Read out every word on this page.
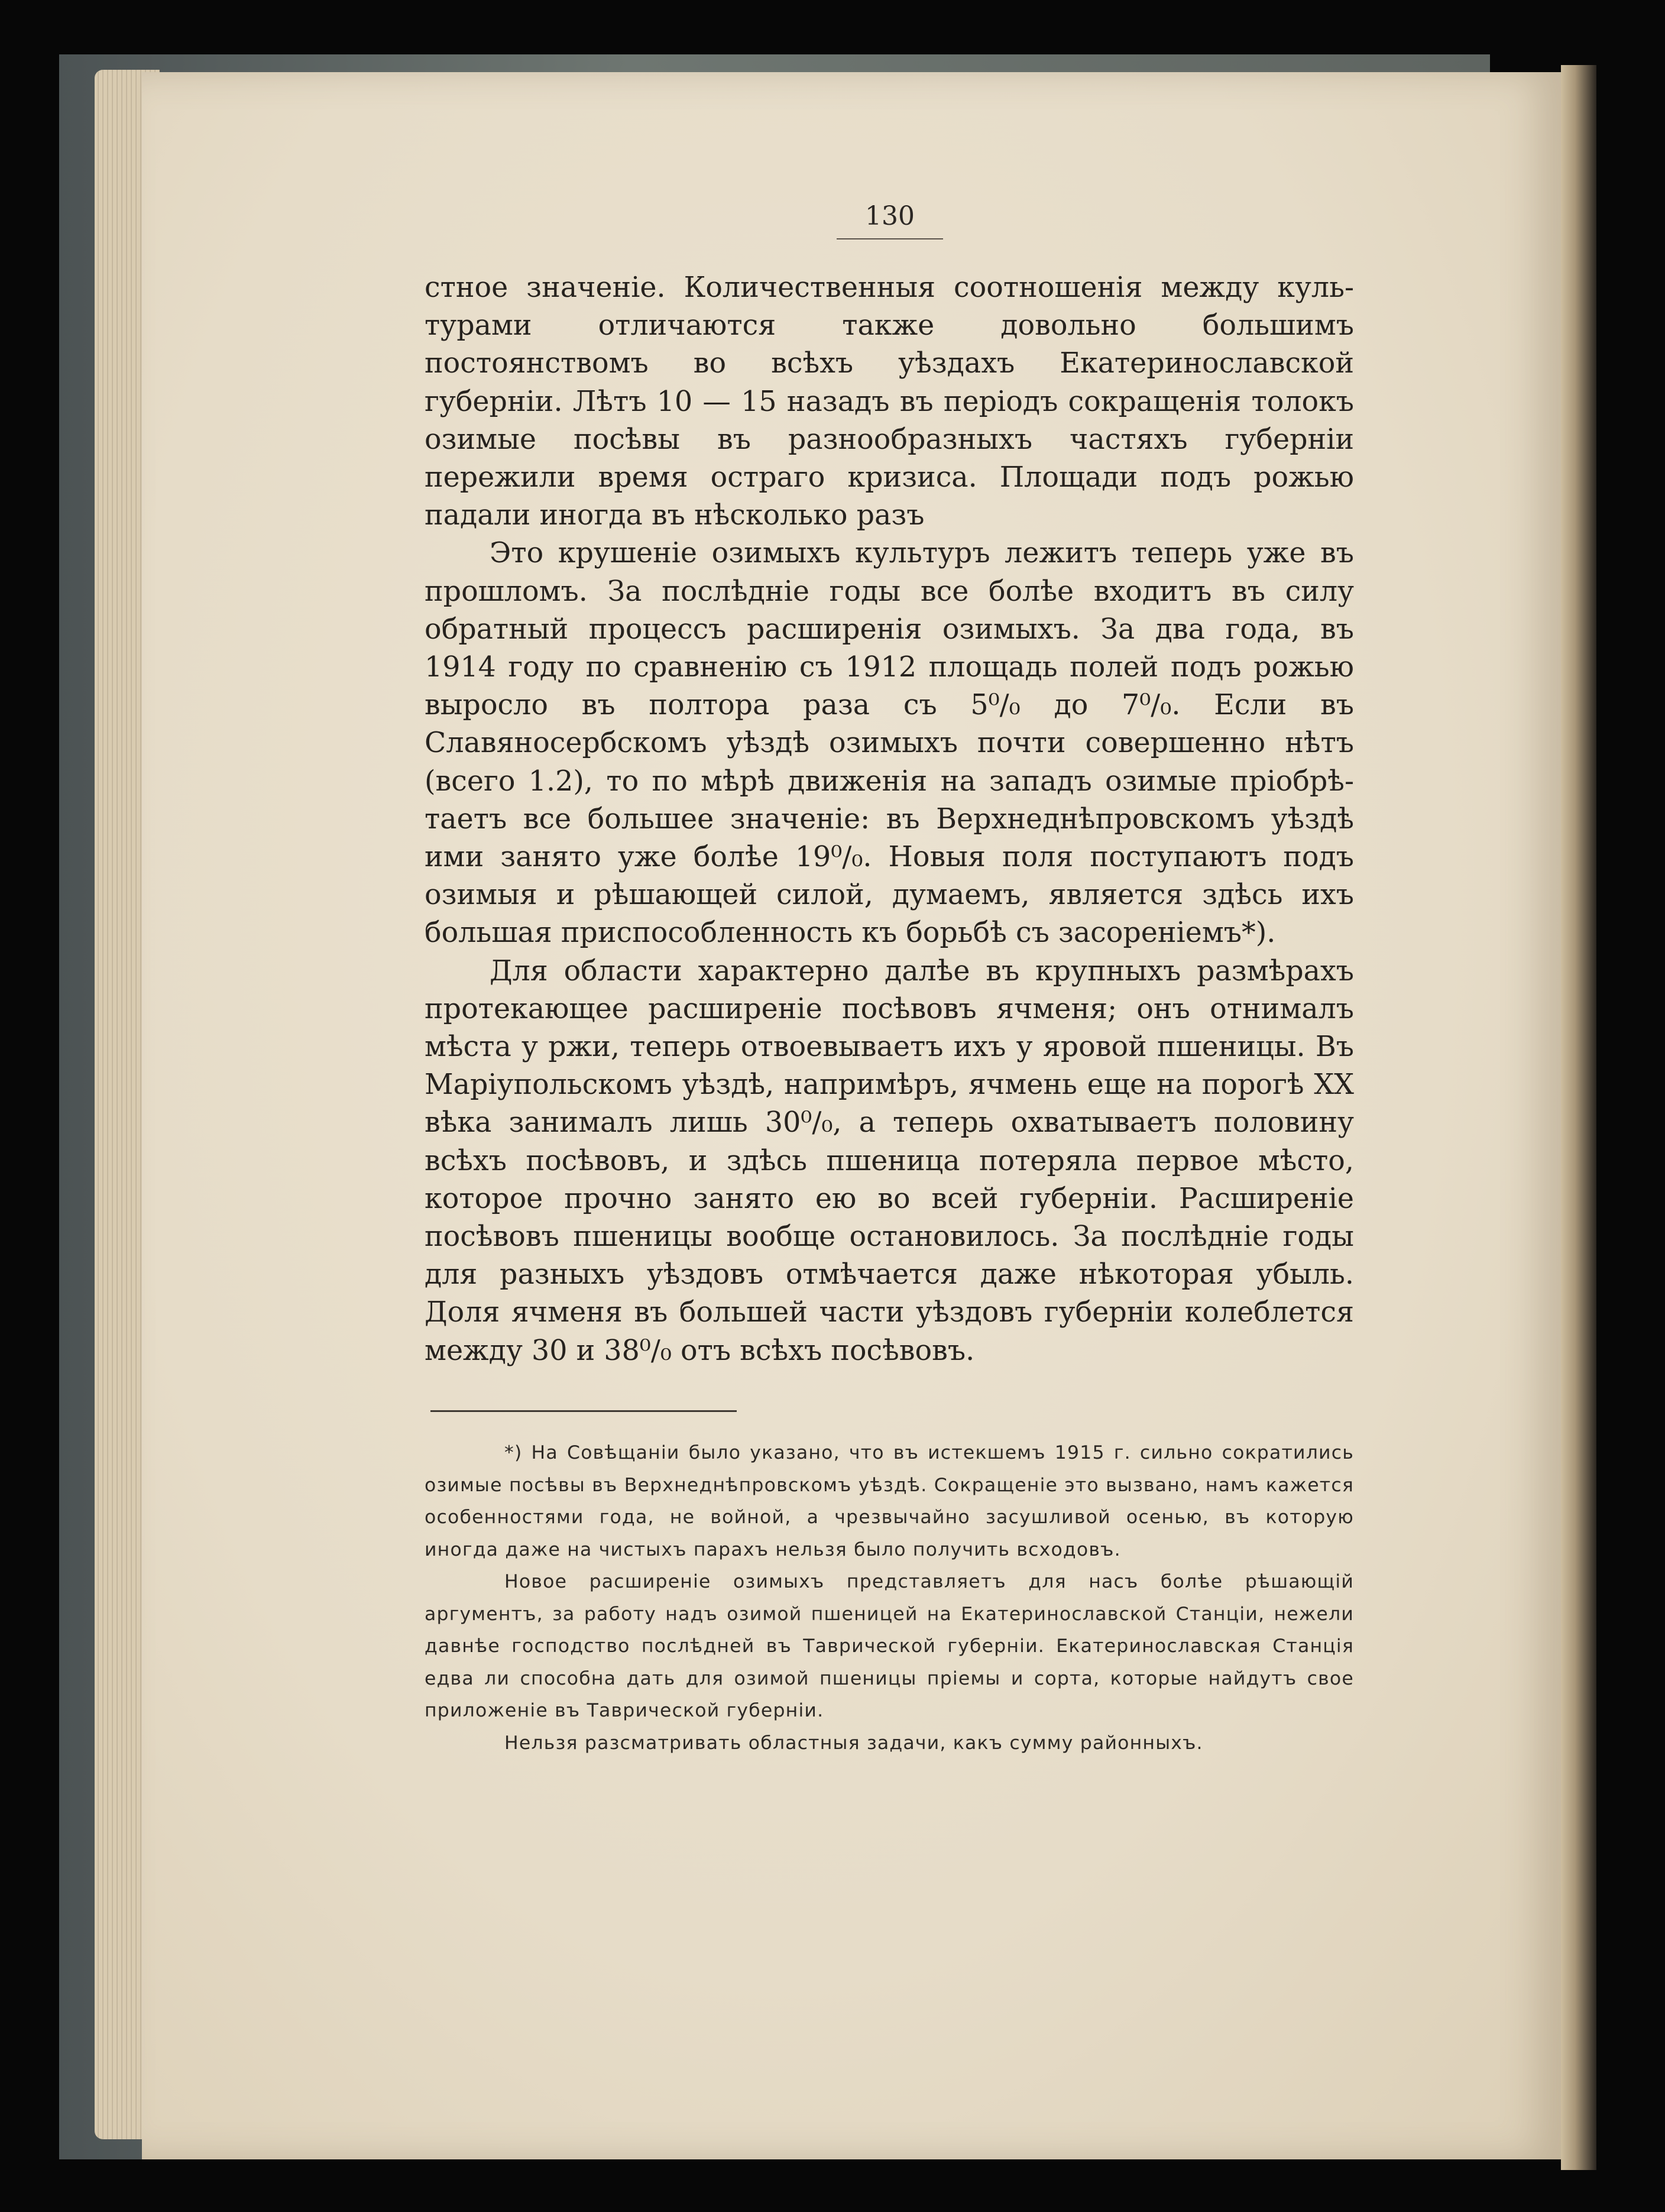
130

стное значеніе. Количественныя соотношенія между культурами отличаются также довольно большимъ постоянствомъ во всѣхъ уѣздахъ Екатеринославской губерніи. Лѣтъ 10 — 15 назадъ въ періодъ сокращенія толокъ озимые посѣвы въ разнообразныхъ частяхъ губерніи пережили время остраго кризиса. Площади подъ рожью падали иногда въ нѣсколько разъ

Это крушеніе озимыхъ культуръ лежитъ теперь уже въ прошломъ. За послѣдніе годы все болѣе входитъ въ силу обратный процессъ расширенія озимыхъ. За два года, въ 1914 году по сравненію съ 1912 площадь полей подъ рожью выросло въ полтора раза съ 5⁰/₀ до 7⁰/₀. Если въ Славяносербскомъ уѣздѣ озимыхъ почти совершенно нѣтъ (всего 1.2), то по мѣрѣ движенія на западъ озимые пріобрѣтаетъ все большее значеніе: въ Верхнеднѣпровскомъ уѣздѣ ими занято уже болѣе 19⁰/₀. Новыя поля поступаютъ подъ озимыя и рѣшающей силой, думаемъ, является здѣсь ихъ большая приспособленность къ борьбѣ съ засореніемъ*).

Для области характерно далѣе въ крупныхъ размѣрахъ протекающее расширеніе посѣвовъ ячменя; онъ отнималъ мѣста у ржи, теперь отвоевываетъ ихъ у яровой пшеницы. Въ Маріупольскомъ уѣздѣ, напримѣръ, ячмень еще на порогѣ XX вѣка занималъ лишь 30⁰/₀, а теперь охватываетъ половину всѣхъ посѣвовъ, и здѣсь пшеница потеряла первое мѣсто, которое прочно занято ею во всей губерніи. Расширеніе посѣвовъ пшеницы вообще остановилось. За послѣдніе годы для разныхъ уѣздовъ отмѣчается даже нѣкоторая убыль. Доля ячменя въ большей части уѣздовъ губерніи колеблется между 30 и 38⁰/₀ отъ всѣхъ посѣвовъ.

*) На Совѣщаніи было указано, что въ истекшемъ 1915 г. сильно сократились озимые посѣвы въ Верхнеднѣпровскомъ уѣздѣ. Сокращеніе это вызвано, намъ кажется особенностями года, не войной, а чрезвычайно засушливой осенью, въ которую иногда даже на чистыхъ парахъ нельзя было получить всходовъ.

Новое расширеніе озимыхъ представляетъ для насъ болѣе рѣшающій аргументъ, за работу надъ озимой пшеницей на Екатеринославской Станціи, нежели давнѣе господство послѣдней въ Таврической губерніи. Екатеринославская Станція едва ли способна дать для озимой пшеницы пріемы и сорта, которые найдутъ свое приложеніе въ Таврической губерніи.

Нельзя разсматривать областныя задачи, какъ сумму районныхъ.
